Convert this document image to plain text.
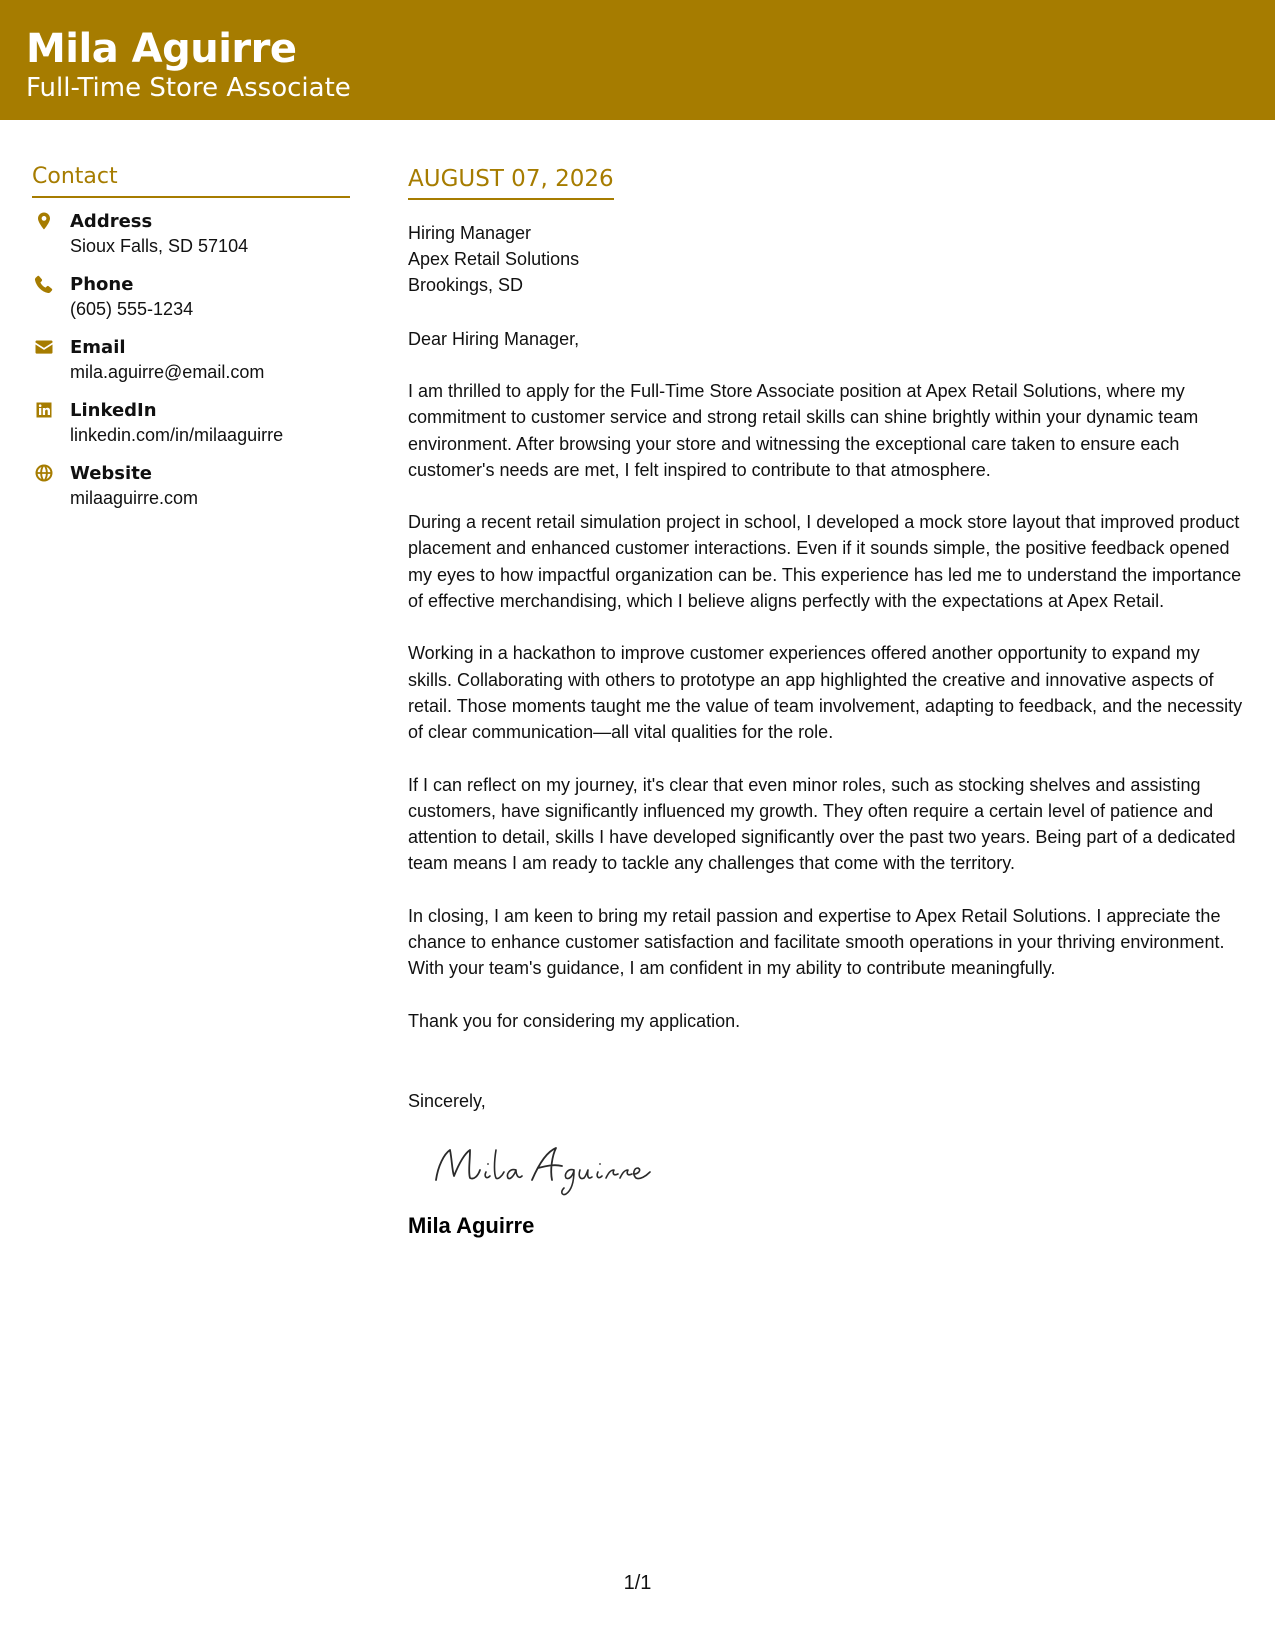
Mila Aguirre
Full-Time Store Associate
Contact
Address
Sioux Falls, SD 57104
Phone
(605) 555-1234
Email
mila.aguirre@email.com
LinkedIn
linkedin.com/in/milaaguirre
Website
milaaguirre.com
AUGUST 07, 2026
Hiring Manager
Apex Retail Solutions
Brookings, SD
Dear Hiring Manager,
I am thrilled to apply for the Full-Time Store Associate position at Apex Retail Solutions, where my commitment to customer service and strong retail skills can shine brightly within your dynamic team environment. After browsing your store and witnessing the exceptional care taken to ensure each customer's needs are met, I felt inspired to contribute to that atmosphere.
During a recent retail simulation project in school, I developed a mock store layout that improved product placement and enhanced customer interactions. Even if it sounds simple, the positive feedback opened my eyes to how impactful organization can be. This experience has led me to understand the importance of effective merchandising, which I believe aligns perfectly with the expectations at Apex Retail.
Working in a hackathon to improve customer experiences offered another opportunity to expand my skills. Collaborating with others to prototype an app highlighted the creative and innovative aspects of retail. Those moments taught me the value of team involvement, adapting to feedback, and the necessity of clear communication—all vital qualities for the role.
If I can reflect on my journey, it's clear that even minor roles, such as stocking shelves and assisting customers, have significantly influenced my growth. They often require a certain level of patience and attention to detail, skills I have developed significantly over the past two years. Being part of a dedicated team means I am ready to tackle any challenges that come with the territory.
In closing, I am keen to bring my retail passion and expertise to Apex Retail Solutions. I appreciate the chance to enhance customer satisfaction and facilitate smooth operations in your thriving environment. With your team's guidance, I am confident in my ability to contribute meaningfully.
Thank you for considering my application.
Sincerely,
Mila Aguirre
1/1
